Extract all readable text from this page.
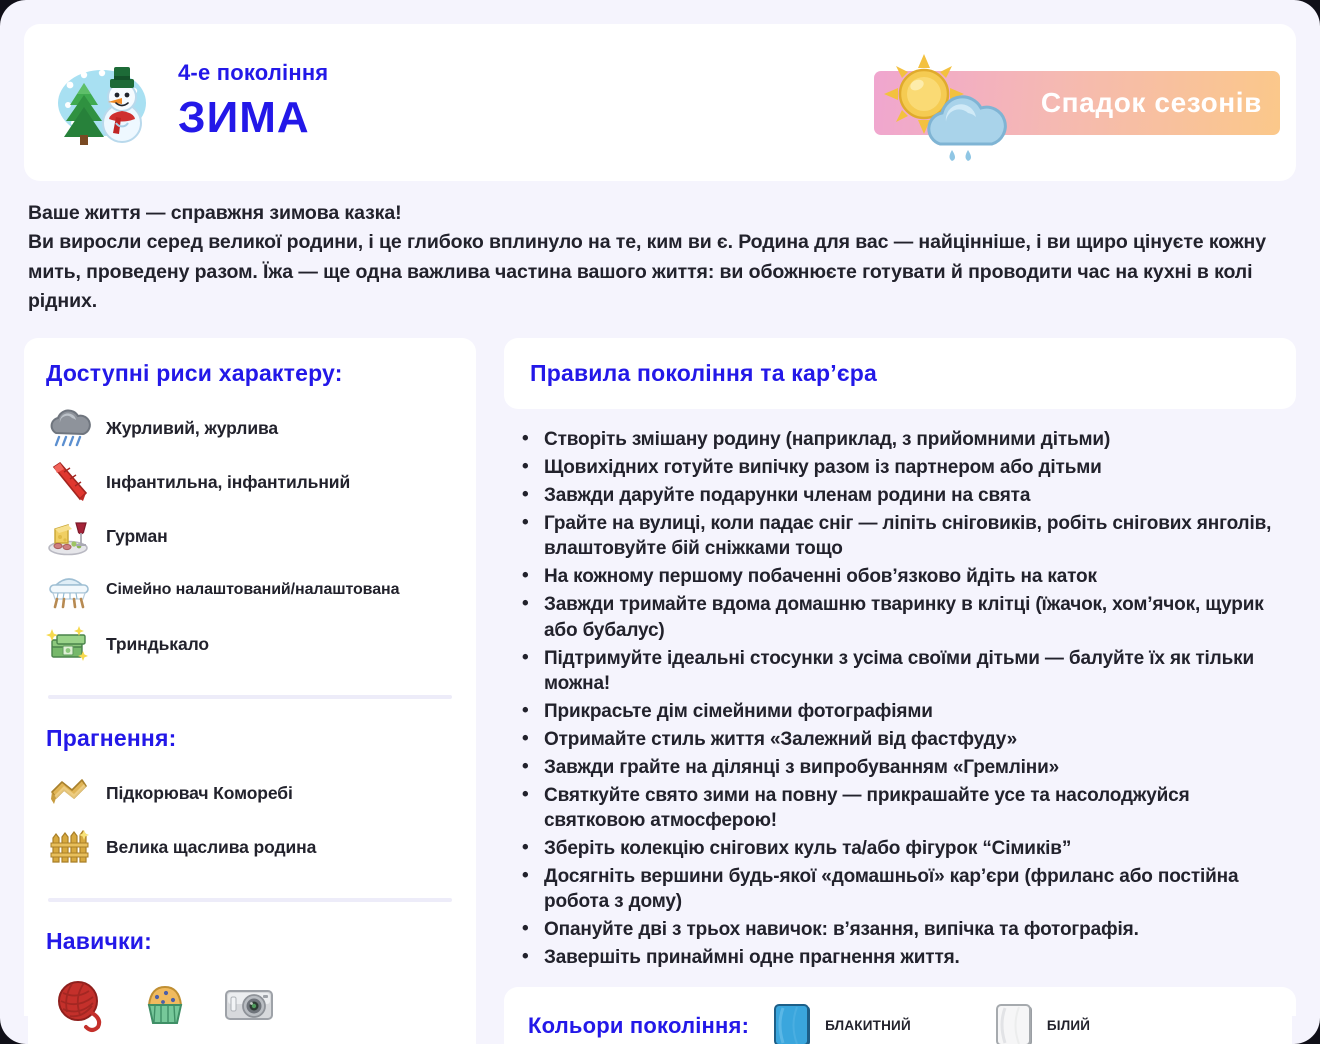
4-е покоління
ЗИМА	Спадок сезонів
Ваше життя — справжня зимова казка!
Ви виросли серед великої родини, і це глибоко вплинуло на те, ким ви є. Родина для вас — найцінніше, і ви щиро цінуєте кожну мить, проведену разом. Їжа — ще одна важлива частина вашого життя: ви обожнюєте готувати й проводити час на кухні в колі рідних.
Доступні риси характеру:
Журливий, журлива
Інфантильна, інфантильний
Гурман
Сімейно налаштований/налаштована
Триндькало
Прагнення:
Підкорювач Коморебі
Велика щаслива родина
Навички:
Правила покоління та кар’єра
• Створіть змішану родину (наприклад, з прийомними дітьми)
• Щовихідних готуйте випічку разом із партнером або дітьми
• Завжди даруйте подарунки членам родини на свята
• Грайте на вулиці, коли падає сніг — ліпіть сніговиків, робіть снігових янголів, влаштовуйте бій сніжками тощо
• На кожному першому побаченні обов’язково йдіть на каток
• Завжди тримайте вдома домашню тваринку в клітці (їжачок, хом’ячок, щурик або бубалус)
• Підтримуйте ідеальні стосунки з усіма своїми дітьми — балуйте їх як тільки можна!
• Прикрасьте дім сімейними фотографіями
• Отримайте стиль життя «Залежний від фастфуду»
• Завжди грайте на ділянці з випробуванням «Гремліни»
• Святкуйте свято зими на повну — прикрашайте усе та насолоджуйся святковою атмосферою!
• Зберіть колекцію снігових куль та/або фігурок “Сімиків”
• Досягніть вершини будь-якої «домашньої» кар’єри (фриланс або постійна робота з дому)
• Опануйте дві з трьох навичок: в’язання, випічка та фотографія.
• Завершіть принаймні одне прагнення життя.
Кольори покоління:	БЛАКИТНИЙ	БІЛИЙ
